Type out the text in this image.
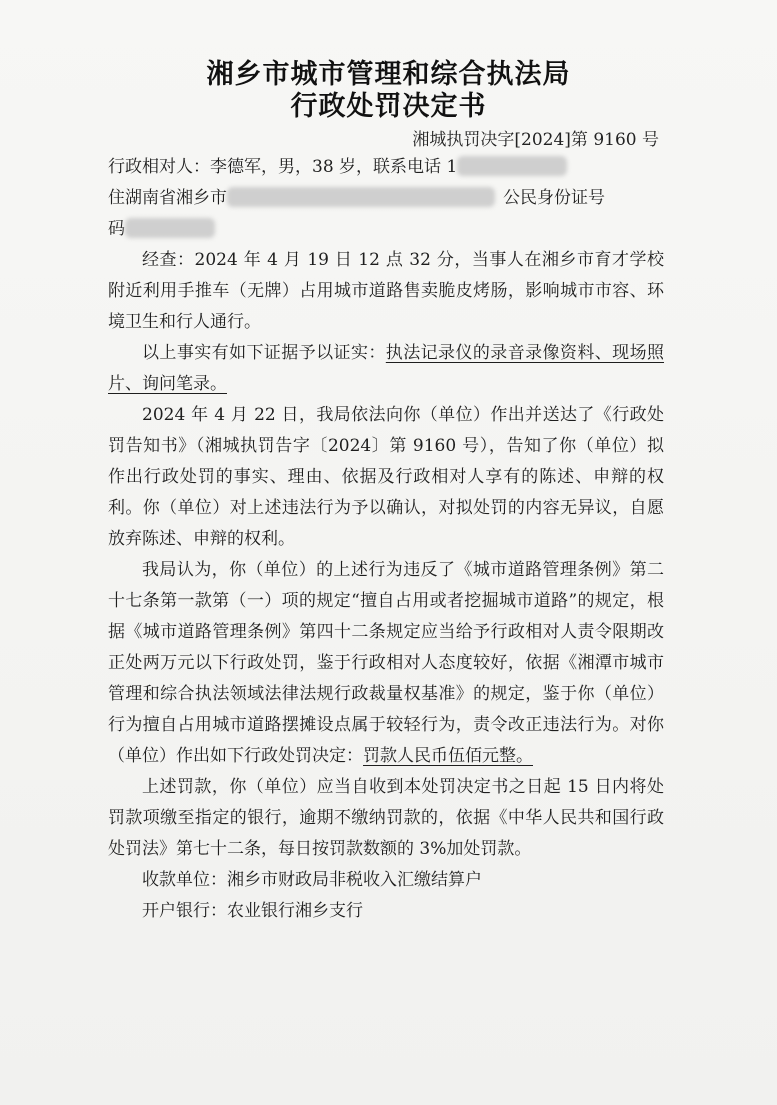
湘乡市城市管理和综合执法局
行政处罚决定书
湘城执罚决字[2024]第 9160 号

行政相对人：李德军，男，38 岁，联系电话 1

住湖南省湘乡市	公民身份证号

码

经查：2024 年 4 月 19 日 12 点 32 分，当事人在湘乡市育才学校附近利用手推车（无牌）占用城市道路售卖脆皮烤肠，影响城市市容、环境卫生和行人通行。

以上事实有如下证据予以证实：执法记录仪的录音录像资料、现场照片、询问笔录。

2024 年 4 月 22 日，我局依法向你（单位）作出并送达了《行政处罚告知书》（湘城执罚告字〔2024〕第 9160 号），告知了你（单位）拟作出行政处罚的事实、理由、依据及行政相对人享有的陈述、申辩的权利。你（单位）对上述违法行为予以确认，对拟处罚的内容无异议，自愿放弃陈述、申辩的权利。

我局认为，你（单位）的上述行为违反了《城市道路管理条例》第二十七条第一款第（一）项的规定“擅自占用或者挖掘城市道路”的规定，根据《城市道路管理条例》第四十二条规定应当给予行政相对人责令限期改正处两万元以下行政处罚，鉴于行政相对人态度较好，依据《湘潭市城市管理和综合执法领域法律法规行政裁量权基准》的规定，鉴于你（单位）行为擅自占用城市道路摆摊设点属于较轻行为，责令改正违法行为。对你（单位）作出如下行政处罚决定：罚款人民币伍佰元整。

上述罚款，你（单位）应当自收到本处罚决定书之日起 15 日内将处罚款项缴至指定的银行，逾期不缴纳罚款的，依据《中华人民共和国行政处罚法》第七十二条，每日按罚款数额的 3%加处罚款。

收款单位：湘乡市财政局非税收入汇缴结算户

开户银行：农业银行湘乡支行
